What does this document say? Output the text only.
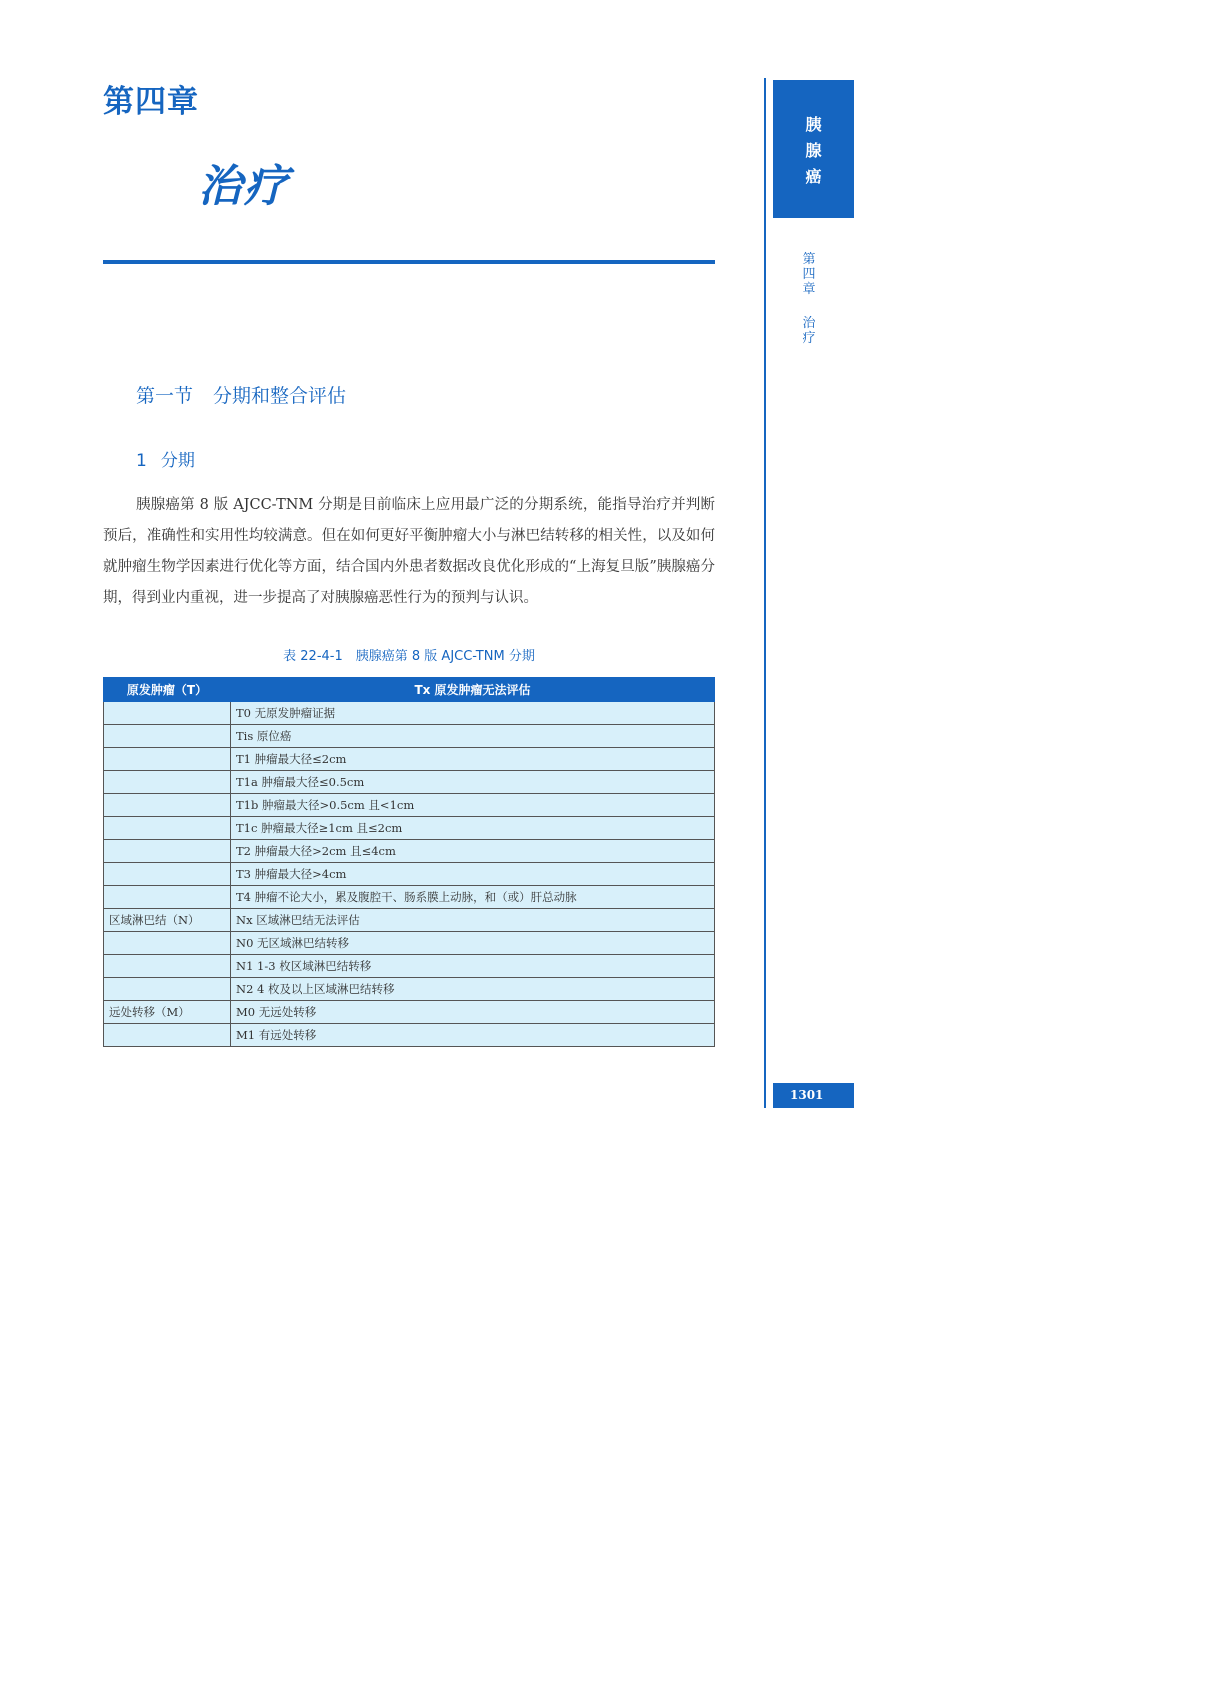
第四章
治疗
第一节 分期和整合评估
1 分期
胰腺癌第 8 版 AJCC-TNM 分期是目前临床上应用最广泛的分期系统，能指导治疗并判断预后，准确性和实用性均较满意。但在如何更好平衡肿瘤大小与淋巴结转移的相关性，以及如何就肿瘤生物学因素进行优化等方面，结合国内外患者数据改良优化形成的“上海复旦版”胰腺癌分期，得到业内重视，进一步提高了对胰腺癌恶性行为的预判与认识。
表 22-4-1　胰腺癌第 8 版 AJCC-TNM 分期
原发肿瘤（T）	Tx 原发肿瘤无法评估
	T0 无原发肿瘤证据
	Tis 原位癌
	T1 肿瘤最大径≤2cm
	T1a 肿瘤最大径≤0.5cm
	T1b 肿瘤最大径>0.5cm 且<1cm
	T1c 肿瘤最大径≥1cm 且≤2cm
	T2 肿瘤最大径>2cm 且≤4cm
	T3 肿瘤最大径>4cm
	T4 肿瘤不论大小，累及腹腔干、肠系膜上动脉，和（或）肝总动脉
区域淋巴结（N）	Nx 区域淋巴结无法评估
	N0 无区域淋巴结转移
	N1 1-3 枚区域淋巴结转移
	N2 4 枚及以上区域淋巴结转移
远处转移（M）	M0 无远处转移
	M1 有远处转移
胰
腺
癌
第四章
治疗
1301
